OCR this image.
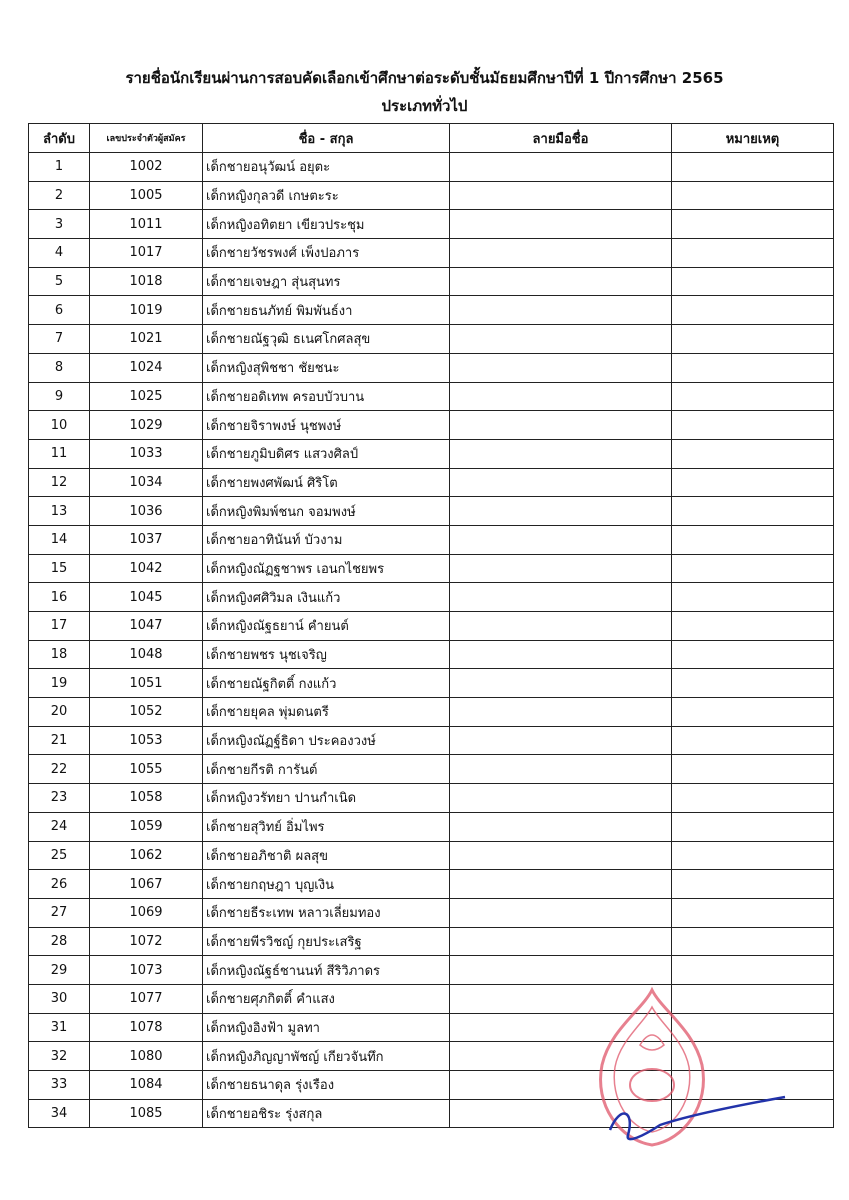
รายชื่อนักเรียนผ่านการสอบคัดเลือกเข้าศึกษาต่อระดับชั้นมัธยมศึกษาปีที่ 1 ปีการศึกษา 2565
ประเภททั่วไป
ลำดับ	เลขประจำตัวผู้สมัคร	ชื่อ - สกุล	ลายมือชื่อ	หมายเหตุ
1	1002	เด็กชายอนุวัฒน์ อยุตะ		
2	1005	เด็กหญิงกุลวดี เกษตะระ		
3	1011	เด็กหญิงอทิตยา เขียวประชุม		
4	1017	เด็กชายวัชรพงศ์ เพ็งปอภาร		
5	1018	เด็กชายเจษฎา สุ่นสุนทร		
6	1019	เด็กชายธนภัทย์ พิมพันธ์งา		
7	1021	เด็กชายณัฐวุฒิ ธเนศโกศลสุข		
8	1024	เด็กหญิงสุพิชชา ชัยชนะ		
9	1025	เด็กชายอดิเทพ ครอบบัวบาน		
10	1029	เด็กชายจิราพงษ์ นุชพงษ์		
11	1033	เด็กชายภูมิบดิศร แสวงศิลป์		
12	1034	เด็กชายพงศพัฒน์ ศิริโต		
13	1036	เด็กหญิงพิมพ์ชนก จอมพงษ์		
14	1037	เด็กชายอาทินันท์ บัวงาม		
15	1042	เด็กหญิงณัฏฐชาพร เอนกไชยพร		
16	1045	เด็กหญิงศศิวิมล เงินแก้ว		
17	1047	เด็กหญิงณัฐธยาน์ คำยนต์		
18	1048	เด็กชายพชร นุชเจริญ		
19	1051	เด็กชายณัฐกิตติ์ กงแก้ว		
20	1052	เด็กชายยุคล พุ่มดนตรี		
21	1053	เด็กหญิงณัฏฐ์ธิดา ประคองวงษ์		
22	1055	เด็กชายกีรติ การันต์		
23	1058	เด็กหญิงวรัทยา ปานกำเนิด		
24	1059	เด็กชายสุวิทย์ อิ่มไพร		
25	1062	เด็กชายอภิชาติ ผลสุข		
26	1067	เด็กชายกฤษฎา บุญเงิน		
27	1069	เด็กชายธีระเทพ หลาวเลี่ยมทอง		
28	1072	เด็กชายพีรวิชญ์ กุยประเสริฐ		
29	1073	เด็กหญิงณัฐธ์ชานนท์ สีริวิภาดร		
30	1077	เด็กชายศุภกิตติ์ คำแสง		
31	1078	เด็กหญิงอิงฟ้า มูลทา		
32	1080	เด็กหญิงภิญญาพัชญ์ เกียวจันทึก		
33	1084	เด็กชายธนาดุล รุ่งเรือง		
34	1085	เด็กชายอชิระ รุ่งสกุล		
